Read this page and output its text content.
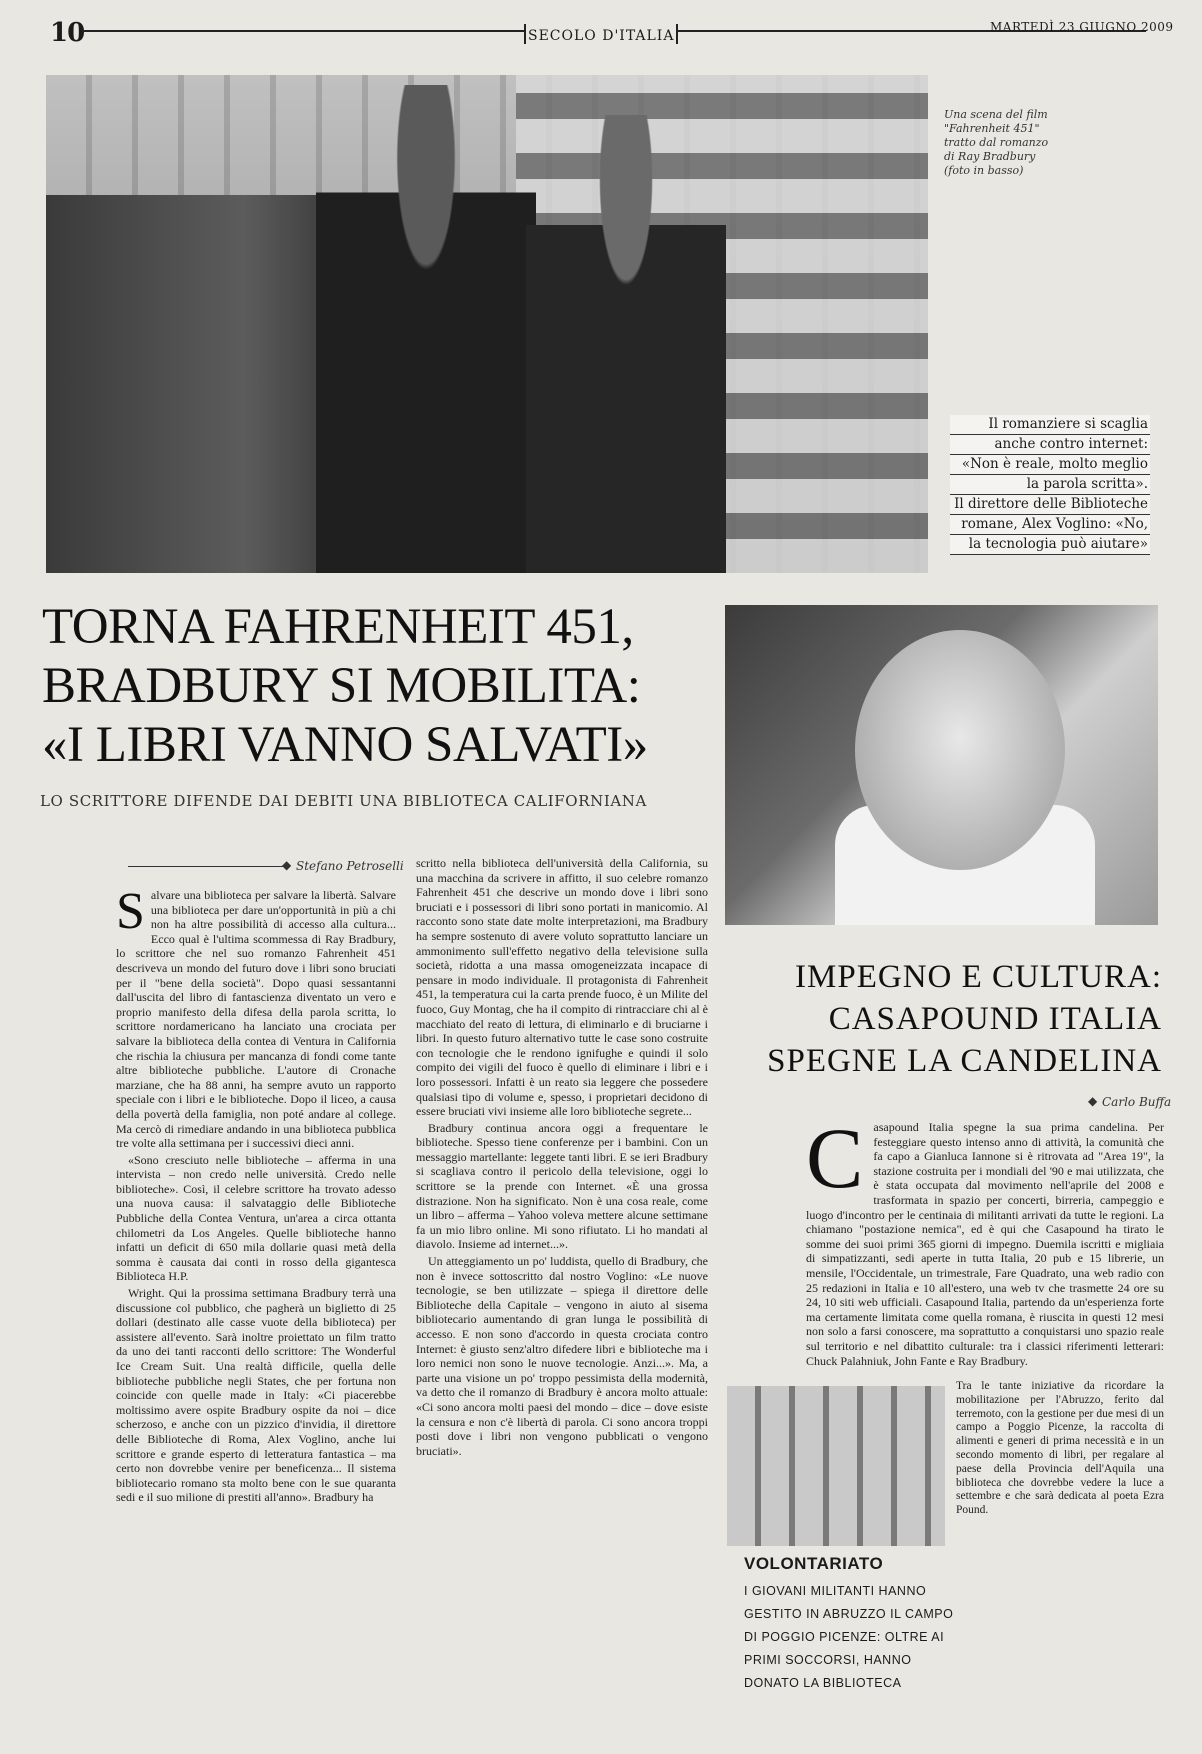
10	SECOLO D'ITALIA
MARTEDÌ 23 GIUGNO 2009
Una scena del film "Fahrenheit 451" tratto dal romanzo di Ray Bradbury (foto in basso)
Il romanziere si scaglia
anche contro internet:
«Non è reale, molto meglio
la parola scritta».
Il direttore delle Biblioteche
romane, Alex Voglino: «No,
la tecnologia può aiutare»
TORNA FAHRENHEIT 451,
BRADBURY SI MOBILITA:
«I LIBRI VANNO SALVATI»
LO SCRITTORE DIFENDE DAI DEBITI UNA BIBLIOTECA CALIFORNIANA
◆ Stefano Petroselli

Salvare una biblioteca per salvare la libertà. Salvare una biblioteca per dare un'opportunità in più a chi non ha altre possibilità di accesso alla cultura... Ecco qual è l'ultima scommessa di Ray Bradbury, lo scrittore che nel suo romanzo Fahrenheit 451 descriveva un mondo del futuro dove i libri sono bruciati per il "bene della società". Dopo quasi sessantanni dall'uscita del libro di fantascienza diventato un vero e proprio manifesto della difesa della parola scritta, lo scrittore nordamericano ha lanciato una crociata per salvare la biblioteca della contea di Ventura in California che rischia la chiusura per mancanza di fondi come tante altre biblioteche pubbliche. L'autore di Cronache marziane, che ha 88 anni, ha sempre avuto un rapporto speciale con i libri e le biblioteche. Dopo il liceo, a causa della povertà della famiglia, non poté andare al college. Ma cercò di rimediare andando in una biblioteca pubblica tre volte alla settimana per i successivi dieci anni.

«Sono cresciuto nelle biblioteche – afferma in una intervista – non credo nelle università. Credo nelle biblioteche». Così, il celebre scrittore ha trovato adesso una nuova causa: il salvataggio delle Biblioteche Pubbliche della Contea Ventura, un'area a circa ottanta chilometri da Los Angeles. Quelle biblioteche hanno infatti un deficit di 650 mila dollarie quasi metà della somma è causata dai conti in rosso della gigantesca Biblioteca H.P.

Wright. Qui la prossima settimana Bradbury terrà una discussione col pubblico, che pagherà un biglietto di 25 dollari (destinato alle casse vuote della biblioteca) per assistere all'evento. Sarà inoltre proiettato un film tratto da uno dei tanti racconti dello scrittore: The Wonderful Ice Cream Suit. Una realtà difficile, quella delle biblioteche pubbliche negli States, che per fortuna non coincide con quelle made in Italy: «Ci piacerebbe moltissimo avere ospite Bradbury ospite da noi – dice scherzoso, e anche con un pizzico d'invidia, il direttore delle Biblioteche di Roma, Alex Voglino, anche lui scrittore e grande esperto di letteratura fantastica – ma certo non dovrebbe venire per beneficenza... Il sistema bibliotecario romano sta molto bene con le sue quaranta sedi e il suo milione di prestiti all'anno». Bradbury ha

scritto nella biblioteca dell'università della California, su una macchina da scrivere in affitto, il suo celebre romanzo Fahrenheit 451 che descrive un mondo dove i libri sono bruciati e i possessori di libri sono portati in manicomio. Al racconto sono state date molte interpretazioni, ma Bradbury ha sempre sostenuto di avere voluto soprattutto lanciare un ammonimento sull'effetto negativo della televisione sulla società, ridotta a una massa omogeneizzata incapace di pensare in modo individuale. Il protagonista di Fahrenheit 451, la temperatura cui la carta prende fuoco, è un Milite del fuoco, Guy Montag, che ha il compito di rintracciare chi al è macchiato del reato di lettura, di eliminarlo e di bruciarne i libri. In questo futuro alternativo tutte le case sono costruite con tecnologie che le rendono ignifughe e quindi il solo compito dei vigili del fuoco è quello di eliminare i libri e i loro possessori. Infatti è un reato sia leggere che possedere qualsiasi tipo di volume e, spesso, i proprietari decidono di essere bruciati vivi insieme alle loro biblioteche segrete...

Bradbury continua ancora oggi a frequentare le biblioteche. Spesso tiene conferenze per i bambini. Con un messaggio martellante: leggete tanti libri. E se ieri Bradbury si scagliava contro il pericolo della televisione, oggi lo scrittore se la prende con Internet. «È una grossa distrazione. Non ha significato. Non è una cosa reale, come un libro – afferma – Yahoo voleva mettere alcune settimane fa un mio libro online. Mi sono rifiutato. Li ho mandati al diavolo. Insieme ad internet...».

Un atteggiamento un po' luddista, quello di Bradbury, che non è invece sottoscritto dal nostro Voglino: «Le nuove tecnologie, se ben utilizzate – spiega il direttore delle Biblioteche della Capitale – vengono in aiuto al sisema bibliotecario aumentando di gran lunga le possibilità di accesso. E non sono d'accordo in questa crociata contro Internet: è giusto senz'altro difedere libri e biblioteche ma i loro nemici non sono le nuove tecnologie. Anzi...». Ma, a parte una visione un po' troppo pessimista della modernità, va detto che il romanzo di Bradbury è ancora molto attuale: «Ci sono ancora molti paesi del mondo – dice – dove esiste la censura e non c'è libertà di parola. Ci sono ancora troppi posti dove i libri non vengono pubblicati o vengono bruciati».

IMPEGNO E CULTURA:
CASAPOUND ITALIA
SPEGNE LA CANDELINA
◆ Carlo Buffa

Casapound Italia spegne la sua prima candelina. Per festeggiare questo intenso anno di attività, la comunità che fa capo a Gianluca Iannone si è ritrovata ad "Area 19", la stazione costruita per i mondiali del '90 e mai utilizzata, che è stata occupata dal movimento nell'aprile del 2008 e trasformata in spazio per concerti, birreria, campeggio e luogo d'incontro per le centinaia di militanti arrivati da tutte le regioni. La chiamano "postazione nemica", ed è qui che Casapound ha tirato le somme dei suoi primi 365 giorni di impegno. Duemila iscritti e migliaia di simpatizzanti, sedi aperte in tutta Italia, 20 pub e 15 librerie, un mensile, l'Occidentale, un trimestrale, Fare Quadrato, una web radio con 25 redazioni in Italia e 10 all'estero, una web tv che trasmette 24 ore su 24, 10 siti web ufficiali. Casapound Italia, partendo da un'esperienza forte ma certamente limitata come quella romana, è riuscita in questi 12 mesi non solo a farsi conoscere, ma soprattutto a conquistarsi uno spazio reale sul territorio e nel dibattito culturale: tra i classici riferimenti letterari: Chuck Palahniuk, John Fante e Ray Bradbury.

Tra le tante iniziative da ricordare la mobilitazione per l'Abruzzo, ferito dal terremoto, con la gestione per due mesi di un campo a Poggio Picenze, la raccolta di alimenti e generi di prima necessità e in un secondo momento di libri, per regalare al paese della Provincia dell'Aquila una biblioteca che dovrebbe vedere la luce a settembre e che sarà dedicata al poeta Ezra Pound.

VOLONTARIATO
I GIOVANI MILITANTI HANNO GESTITO IN ABRUZZO IL CAMPO DI POGGIO PICENZE: OLTRE AI PRIMI SOCCORSI, HANNO DONATO LA BIBLIOTECA
